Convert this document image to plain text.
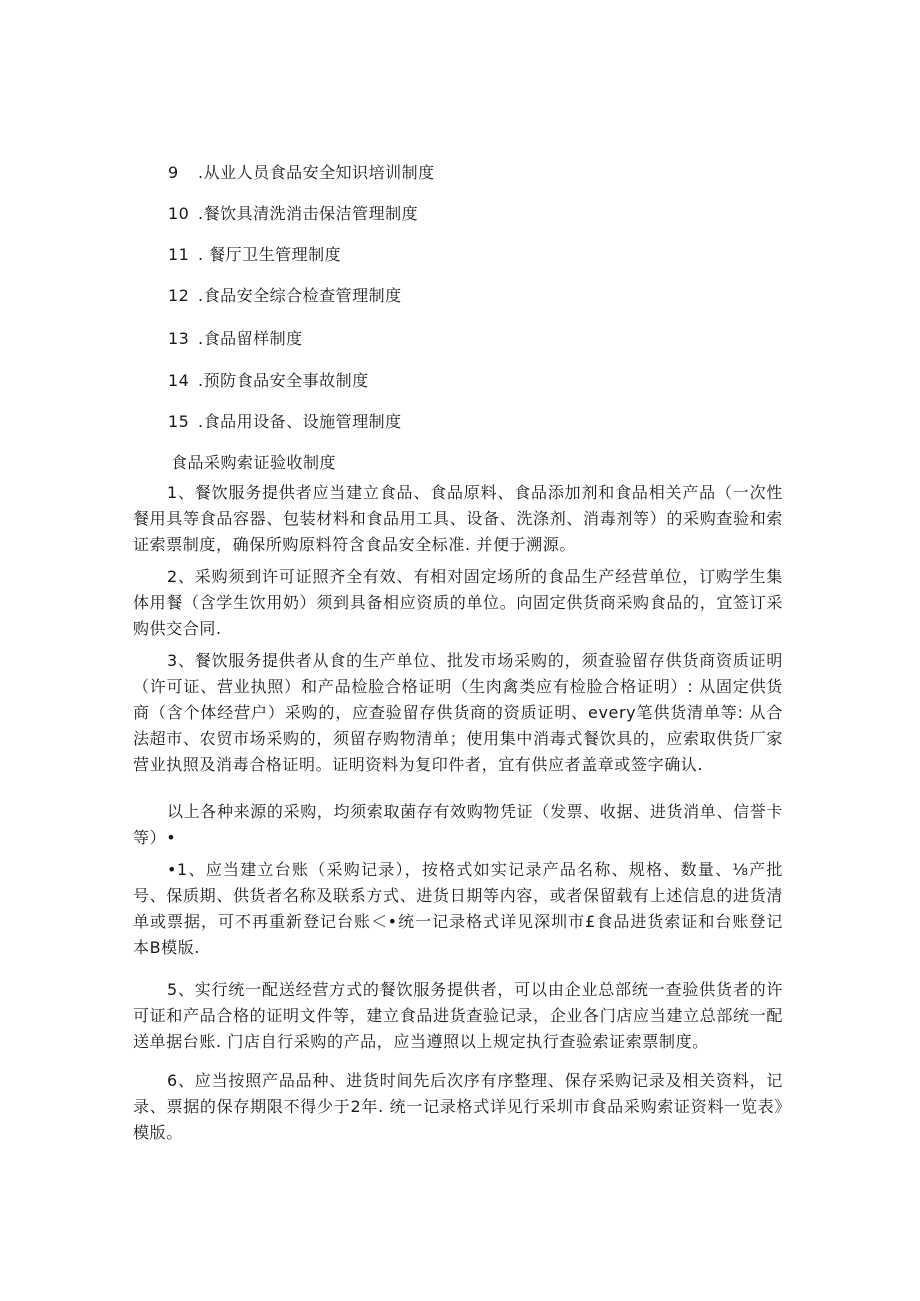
9 .从业人员食品安全知识培训制度
10 .餐饮具清洗消击保洁管理制度
11 . 餐厅卫生管理制度
12 .食品安全综合检查管理制度
13 .食品留样制度
14 .预防食品安全事故制度
15 .食品用设备、设施管理制度
食品采购索证验收制度

1、餐饮服务提供者应当建立食品、食品原料、食品添加剂和食品相关产品（一次性餐用具等食品容器、包装材料和食品用工具、设备、洗涤剂、消毒剂等）的采购查验和索证索票制度，确保所购原料符含食品安全标准. 并便于溯源。

2、采购须到许可证照齐全有效、有相对固定场所的食品生产经营单位，订购学生集体用餐（含学生饮用奶）须到具备相应资质的单位。向固定供货商采购食品的，宜签订采购供交合同.

3、餐饮服务提供者从食的生产单位、批发市场采购的，须查验留存供货商资质证明（许可证、营业执照）和产品检脸合格证明（生肉禽类应有检脸合格证明）: 从固定供货商（含个体经营户）采购的，应查验留存供货商的资质证明、every笔供货清单等: 从合法超市、农贸市场采购的，须留存购物清单；使用集中消毒式餐饮具的，应索取供货厂家营业执照及消毒合格证明。证明资料为复印件者，宜有供应者盖章或签字确认.

以上各种来源的采购，均须索取菌存有效购物凭证（发票、收据、进货消单、信誉卡等）•

•1、应当建立台账（采购记录），按格式如实记录产品名称、规格、数量、⅛产批号、保质期、供货者名称及联系方式、进货日期等内容，或者保留载有上述信息的进货清单或票据，可不再重新登记台账＜•统一记录格式详见深圳市£食品进货索证和台账登记本B模版.

5、实行统一配送经营方式的餐饮服务提供者，可以由企业总部统一查验供货者的许可证和产品合格的证明文件等，建立食品进货查验记录，企业各门店应当建立总部统一配送单据台账. 门店自行采购的产品，应当遵照以上规定执行查验索证索票制度。

6、应当按照产品品种、进货时间先后次序有序整理、保存采购记录及相关资料，记录、票据的保存期限不得少于2年. 统一记录格式详见行采圳市食品采购索证资料一览表》模版。
